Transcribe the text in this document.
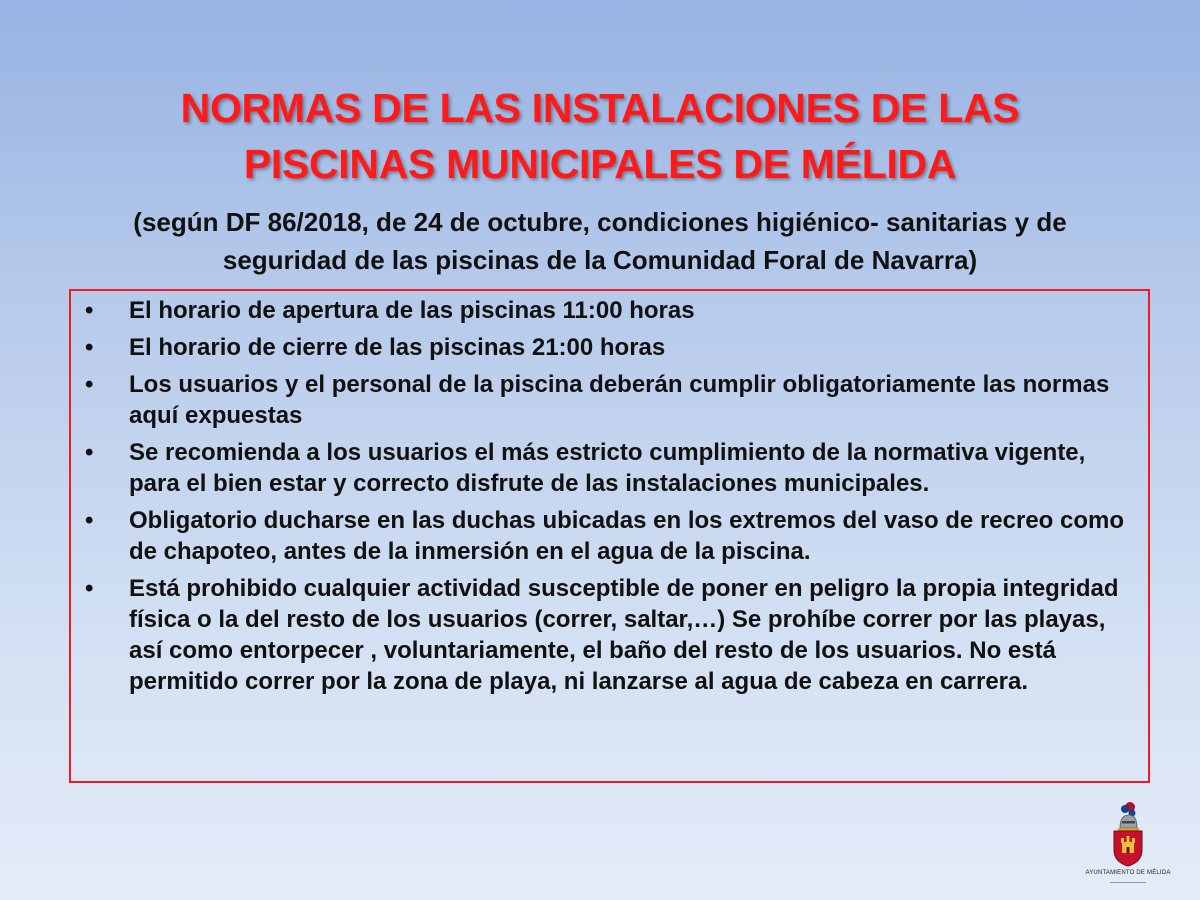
NORMAS DE LAS INSTALACIONES DE LAS
PISCINAS MUNICIPALES DE MÉLIDA

(según DF 86/2018, de 24 de octubre, condiciones higiénico- sanitarias y de
seguridad de las piscinas de la Comunidad Foral de Navarra)

• El horario de apertura de las piscinas 11:00 horas
• El horario de cierre de las piscinas 21:00 horas
• Los usuarios y el personal de la piscina deberán cumplir obligatoriamente las normas aquí expuestas
• Se recomienda a los usuarios el más estricto cumplimiento de la normativa vigente, para el bien estar y correcto disfrute de las instalaciones municipales.
• Obligatorio ducharse en las duchas ubicadas en los extremos del vaso de recreo como de chapoteo, antes de la inmersión en el agua de la piscina.
• Está prohibido cualquier actividad susceptible de poner en peligro la propia integridad física o la del resto de los usuarios (correr, saltar,…) Se prohíbe correr por las playas, así como entorpecer , voluntariamente, el baño del resto de los usuarios. No está permitido correr por la zona de playa, ni lanzarse al agua de cabeza en carrera.
AYUNTAMIENTO DE MÉLIDA
